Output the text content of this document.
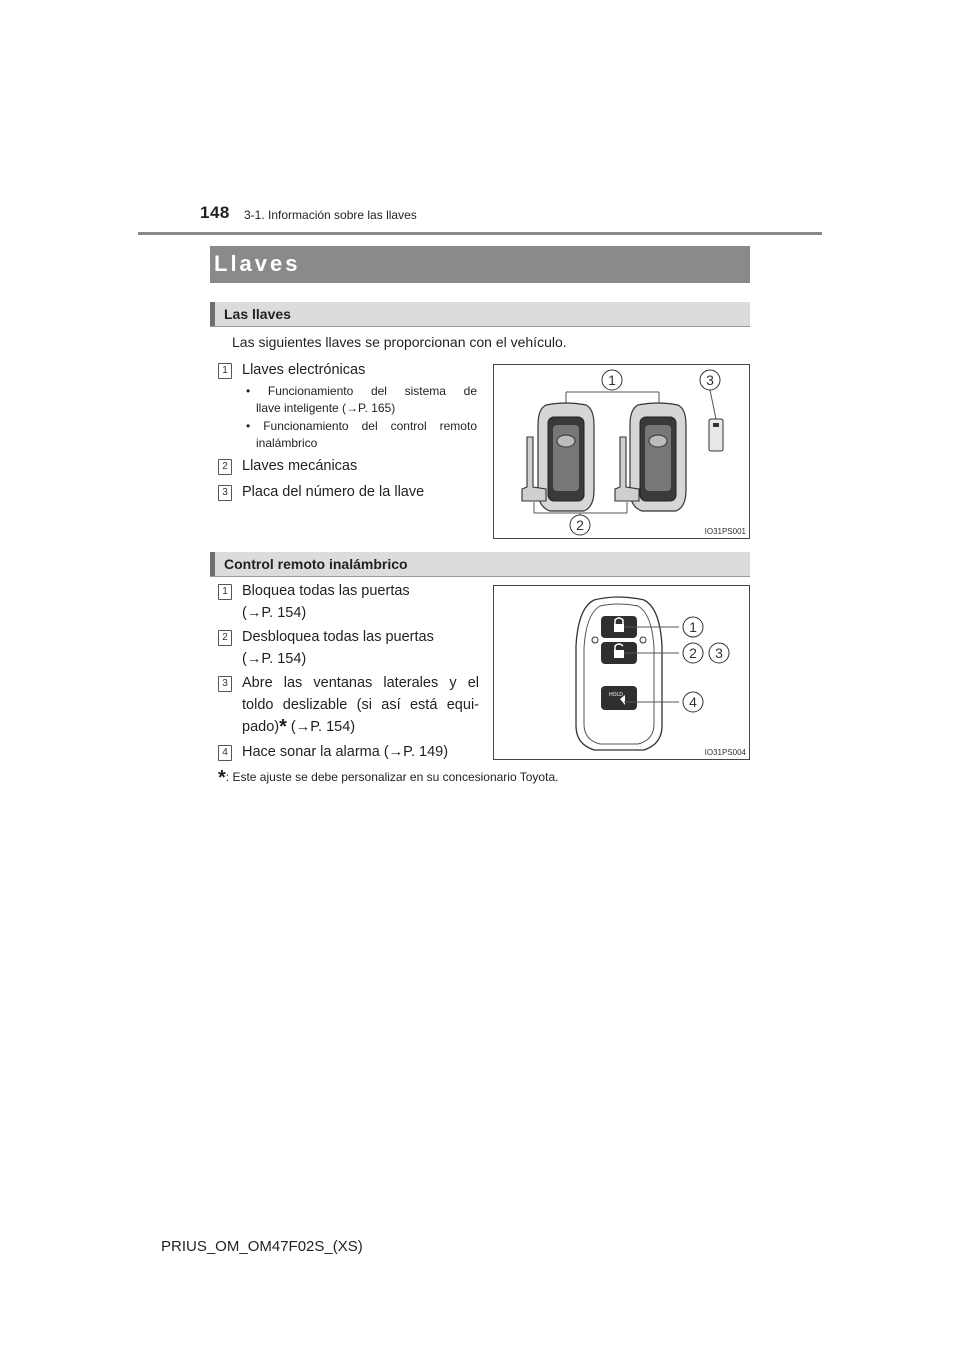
148 3-1. Información sobre las llaves
Llaves
Las llaves
Las siguientes llaves se proporcionan con el vehículo.
1 Llaves electrónicas
• Funcionamiento del sistema de
llave inteligente (→P. 165)
• Funcionamiento del control remoto
inalámbrico
2 Llaves mecánicas
3 Placa del número de la llave
1
2
3
IO31PS001
Control remoto inalámbrico
1 Bloquea todas las puertas
(→P. 154)
2 Desbloquea todas las puertas
(→P. 154)
3 Abre las ventanas laterales y el
toldo deslizable (si así está equi-
pado)* (→P. 154)
4 Hace sonar la alarma (→P. 149)
HOLD
1
2 3
4
IO31PS004
*: Este ajuste se debe personalizar en su concesionario Toyota.
PRIUS_OM_OM47F02S_(XS)
